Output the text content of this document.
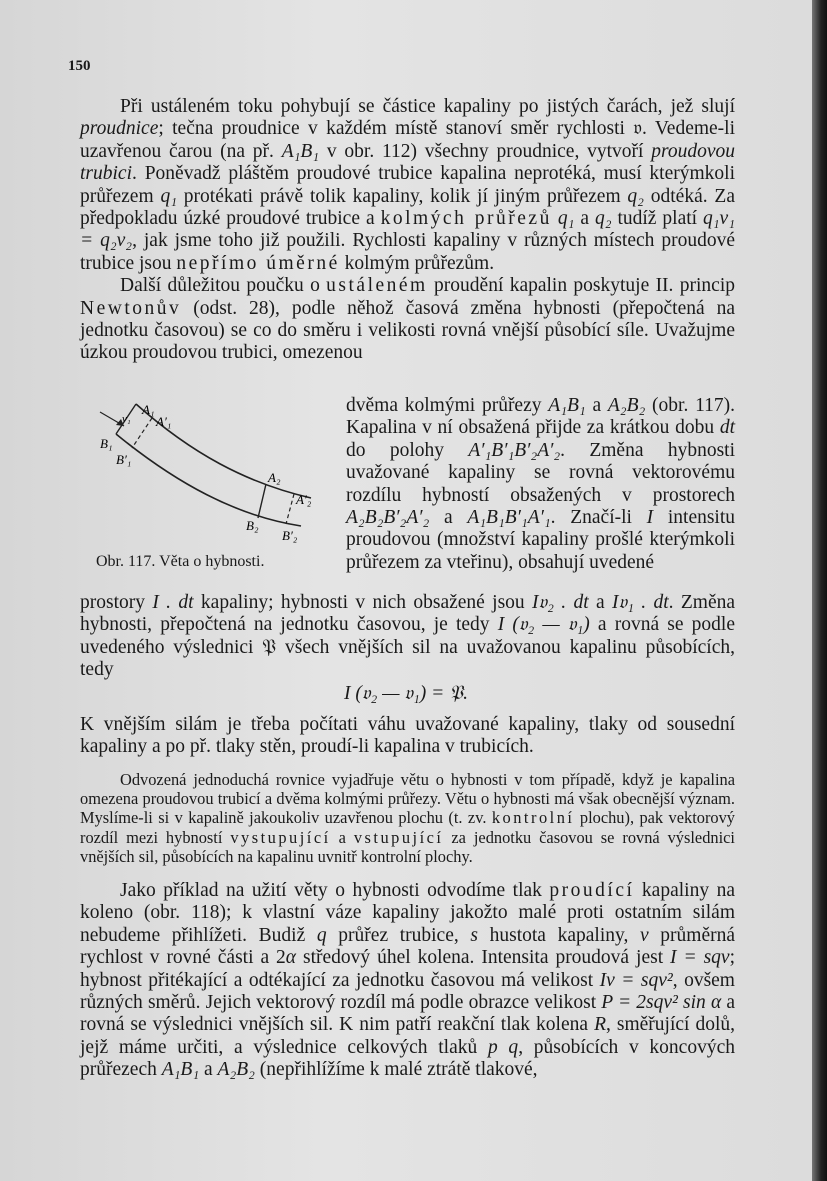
150

Při ustáleném toku pohybují se částice kapaliny po jistých čarách, jež slují proudnice; tečna proudnice v každém místě stanoví směr rychlosti 𝔳. Vedeme-li uzavřenou čarou (na př. A₁B₁ v obr. 112) všechny proudnice, vytvoří proudovou trubici. Poněvadž pláštěm proudové trubice kapalina neprotéká, musí kterýmkoli průřezem q₁ protékati právě tolik kapaliny, kolik jí jiným průřezem q₂ odtéká. Za předpokladu úzké proudové trubice a kolmých průřezů q₁ a q₂ tudíž platí q₁v₁ = q₂v₂, jak jsme toho již použili. Rychlosti kapaliny v různých místech proudové trubice jsou nepřímo úměrné kolmým průřezům.

Další důležitou poučku o ustáleném proudění kapalin poskytuje II. princip Newtonův (odst. 28), podle něhož časová změna hybnosti (přepočtená na jednotku časovou) se co do směru i velikosti rovná vnější působící síle. Uvažujme úzkou proudovou trubici, omezenou

A₁
A′₁
B₁
B′₁
v₁
A₂
A′₂
B₂
B′₂
Obr. 117. Věta o hybnosti.

dvěma kolmými průřezy A₁B₁ a A₂B₂ (obr. 117). Kapalina v ní obsažená přijde za krátkou dobu dt do polohy A′₁B′₁B′₂A′₂. Změna hybnosti uvažované kapaliny se rovná vektorovému rozdílu hybností obsažených v prostorech A₂B₂B′₂A′₂ a A₁B₁B′₁A′₁. Značí-li I intensitu proudovou (množství kapaliny prošlé kterýmkoli průřezem za vteřinu), obsahují uvedené

prostory I . dt kapaliny; hybnosti v nich obsažené jsou I𝔳₂ . dt a I𝔳₁ . dt. Změna hybnosti, přepočtená na jednotku časovou, je tedy I (𝔳₂ — 𝔳₁) a rovná se podle uvedeného výslednici 𝔓 všech vnějších sil na uvažovanou kapalinu působících, tedy

I (𝔳₂ — 𝔳₁) = 𝔓.

K vnějším silám je třeba počítati váhu uvažované kapaliny, tlaky od sousední kapaliny a po př. tlaky stěn, proudí-li kapalina v trubicích.

Odvozená jednoduchá rovnice vyjadřuje větu o hybnosti v tom případě, když je kapalina omezena proudovou trubicí a dvěma kolmými průřezy. Větu o hybnosti má však obecnější význam. Myslíme-li si v kapalině jakoukoliv uzavřenou plochu (t. zv. kontrolní plochu), pak vektorový rozdíl mezi hybností vystupující a vstupující za jednotku časovou se rovná výslednici vnějších sil, působících na kapalinu uvnitř kontrolní plochy.

Jako příklad na užití věty o hybnosti odvodíme tlak proudící kapaliny na koleno (obr. 118); k vlastní váze kapaliny jakožto malé proti ostatním silám nebudeme přihlížeti. Budiž q průřez trubice, s hustota kapaliny, v průměrná rychlost v rovné části a 2α středový úhel kolena. Intensita proudová jest I = sqv; hybnost přitékající a odtékající za jednotku časovou má velikost Iv = sqv², ovšem různých směrů. Jejich vektorový rozdíl má podle obrazce velikost P = 2sqv² sin α a rovná se výslednici vnějších sil. K nim patří reakční tlak kolena R, směřující dolů, jejž máme určiti, a výslednice celkových tlaků p q, působících v koncových průřezech A₁B₁ a A₂B₂ (nepřihlížíme k malé ztrátě tlakové,
